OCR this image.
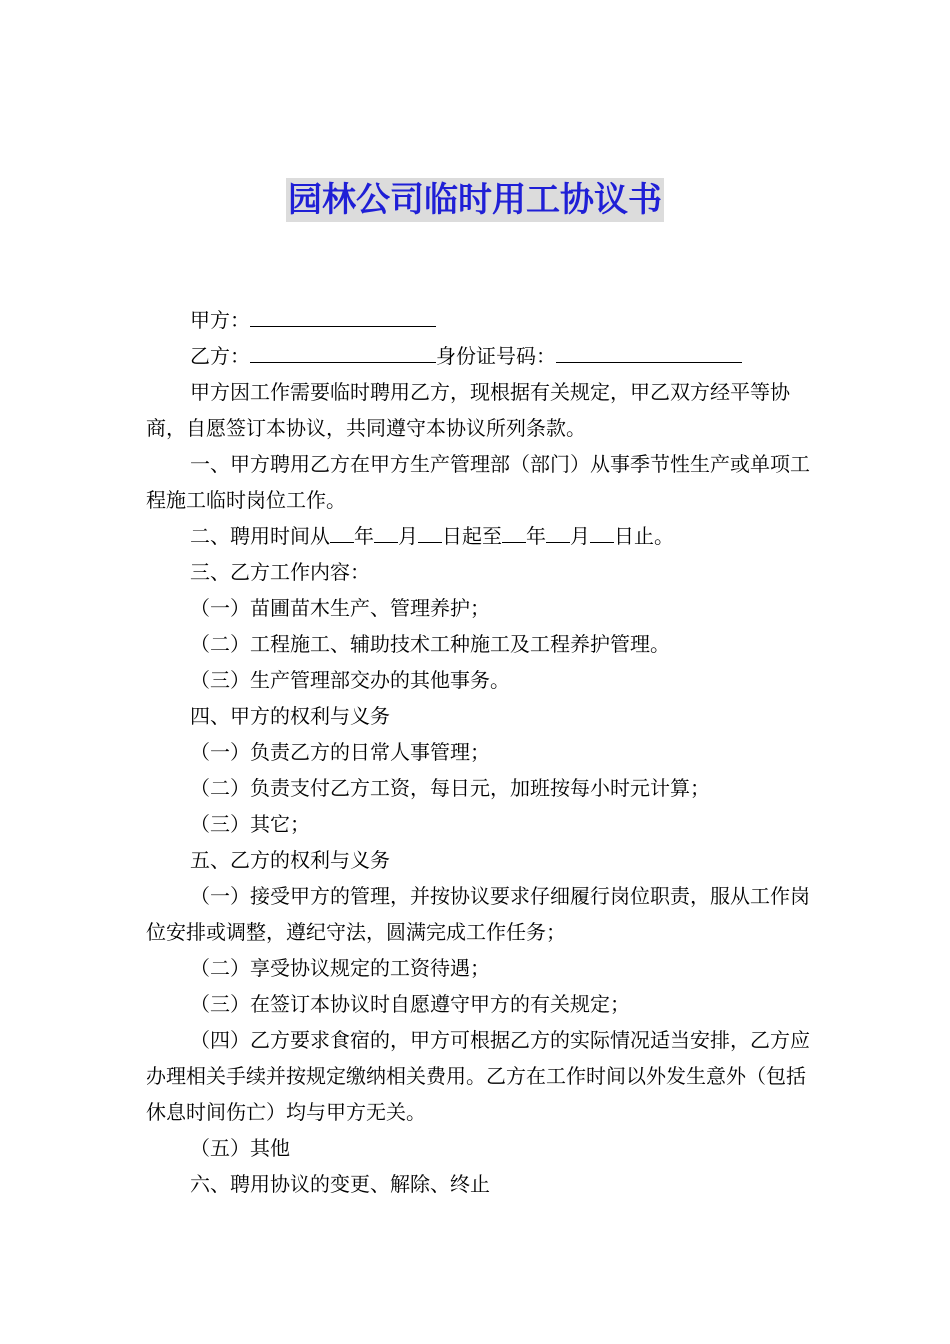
园林公司临时用工协议书

甲方：

乙方：	身份证号码：

甲方因工作需要临时聘用乙方，现根据有关规定，甲乙双方经平等协商，自愿签订本协议，共同遵守本协议所列条款。

一、甲方聘用乙方在甲方生产管理部（部门）从事季节性生产或单项工程施工临时岗位工作。

二、聘用时间从 年 月 日起至 年 月 日止。

三、乙方工作内容：

（一）苗圃苗木生产、管理养护；

（二）工程施工、辅助技术工种施工及工程养护管理。

（三）生产管理部交办的其他事务。

四、甲方的权利与义务

（一）负责乙方的日常人事管理；

（二）负责支付乙方工资，每日元，加班按每小时元计算；

（三）其它；

五、乙方的权利与义务

（一）接受甲方的管理，并按协议要求仔细履行岗位职责，服从工作岗位安排或调整，遵纪守法，圆满完成工作任务；

（二）享受协议规定的工资待遇；

（三）在签订本协议时自愿遵守甲方的有关规定；

（四）乙方要求食宿的，甲方可根据乙方的实际情况适当安排，乙方应办理相关手续并按规定缴纳相关费用。乙方在工作时间以外发生意外（包括休息时间伤亡）均与甲方无关。

（五）其他

六、聘用协议的变更、解除、终止
